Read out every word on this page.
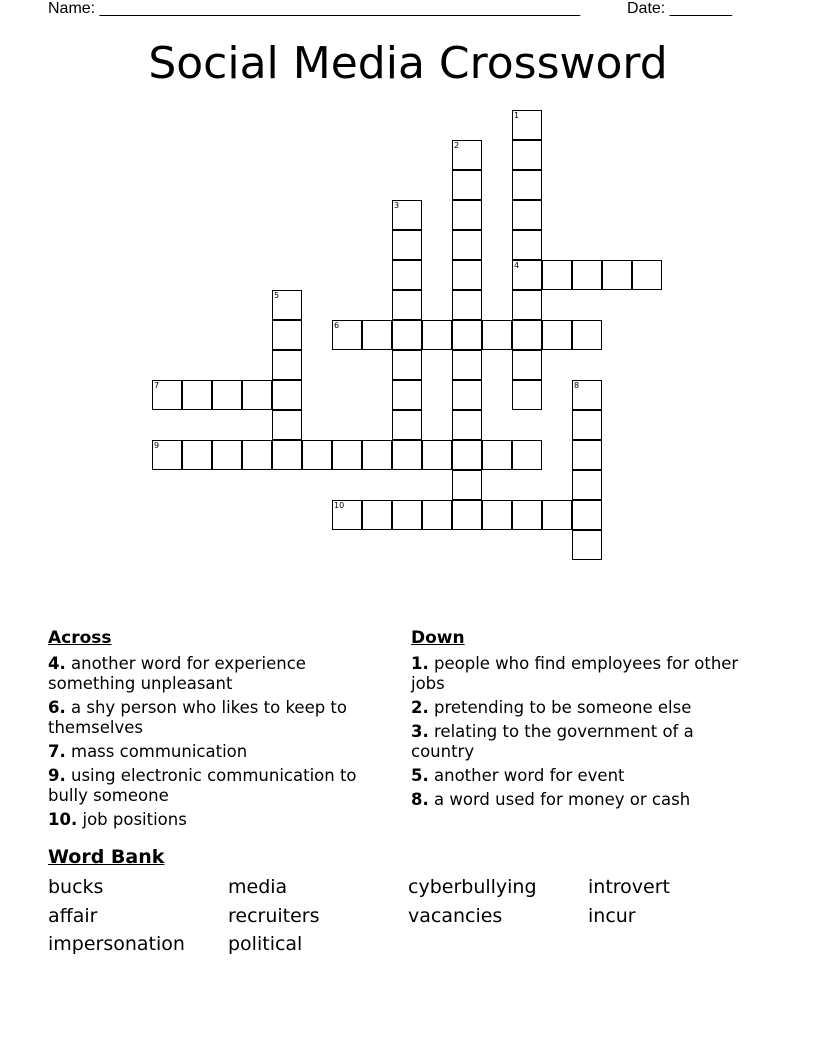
Name: ______________________________________________________	Date: _______
Social Media Crossword
1
4
2
3
5
6
7	8
9
10
Across
4. another word for experience something unpleasant
6. a shy person who likes to keep to themselves
7. mass communication
9. using electronic communication to bully someone
10. job positions
Down
1. people who find employees for other jobs
2. pretending to be someone else
3. relating to the government of a country
5. another word for event
8. a word used for money or cash
Word Bank
bucks	media	cyberbullying	introvert
affair	recruiters	vacancies	incur
impersonation political
